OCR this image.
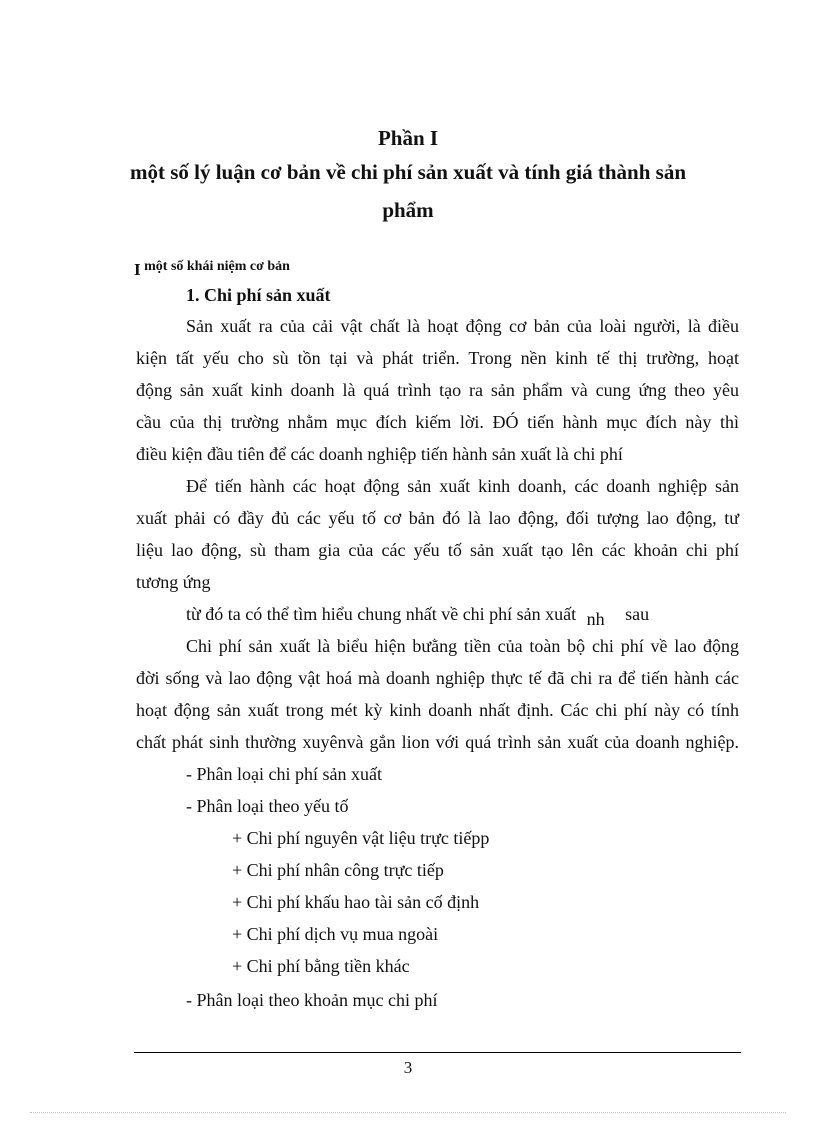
Phần I
một số lý luận cơ bản về chi phí sản xuất và tính giá thành sản
phẩm
I một số khái niệm cơ bản
1. Chi phí sản xuất
Sản xuất ra của cải vật chất là hoạt động cơ bản của loài người, là điều
kiện tất yếu cho sù tồn tại và phát triển. Trong nền kinh tế thị trường, hoạt
động sản xuất kinh doanh là quá trình tạo ra sản phẩm và cung ứng theo yêu
cầu của thị trường nhằm mục đích kiếm lời. ĐÓ tiến hành mục đích này thì
điều kiện đầu tiên để các doanh nghiệp tiến hành sản xuất là chi phí
Để tiến hành các hoạt động sản xuất kinh doanh, các doanh nghiệp sản
xuất phải có đầy đủ các yếu tố cơ bản đó là lao động, đối tượng lao động, tư
liệu lao động, sù tham gia của các yếu tố sản xuất tạo lên các khoản chi phí
tương ứng
từ đó ta có thể tìm hiểu chung nhất về chi phí sản xuất nh sau
Chi phí sản xuất là biểu hiện bưằng tiền của toàn bộ chi phí về lao động
đời sống và lao động vật hoá mà doanh nghiệp thực tế đã chi ra để tiến hành các
hoạt động sản xuất trong mét kỳ kinh doanh nhất định. Các chi phí này có tính
chất phát sinh thường xuyênvà gắn lion với quá trình sản xuất của doanh nghiệp.
- Phân loại chi phí sản xuất
- Phân loại theo yếu tố
+ Chi phí nguyên vật liệu trực tiếpp
+ Chi phí nhân công trực tiếp
+ Chi phí khấu hao tài sản cố định
+ Chi phí dịch vụ mua ngoài
+ Chi phí bằng tiền khác
- Phân loại theo khoản mục chi phí
3
